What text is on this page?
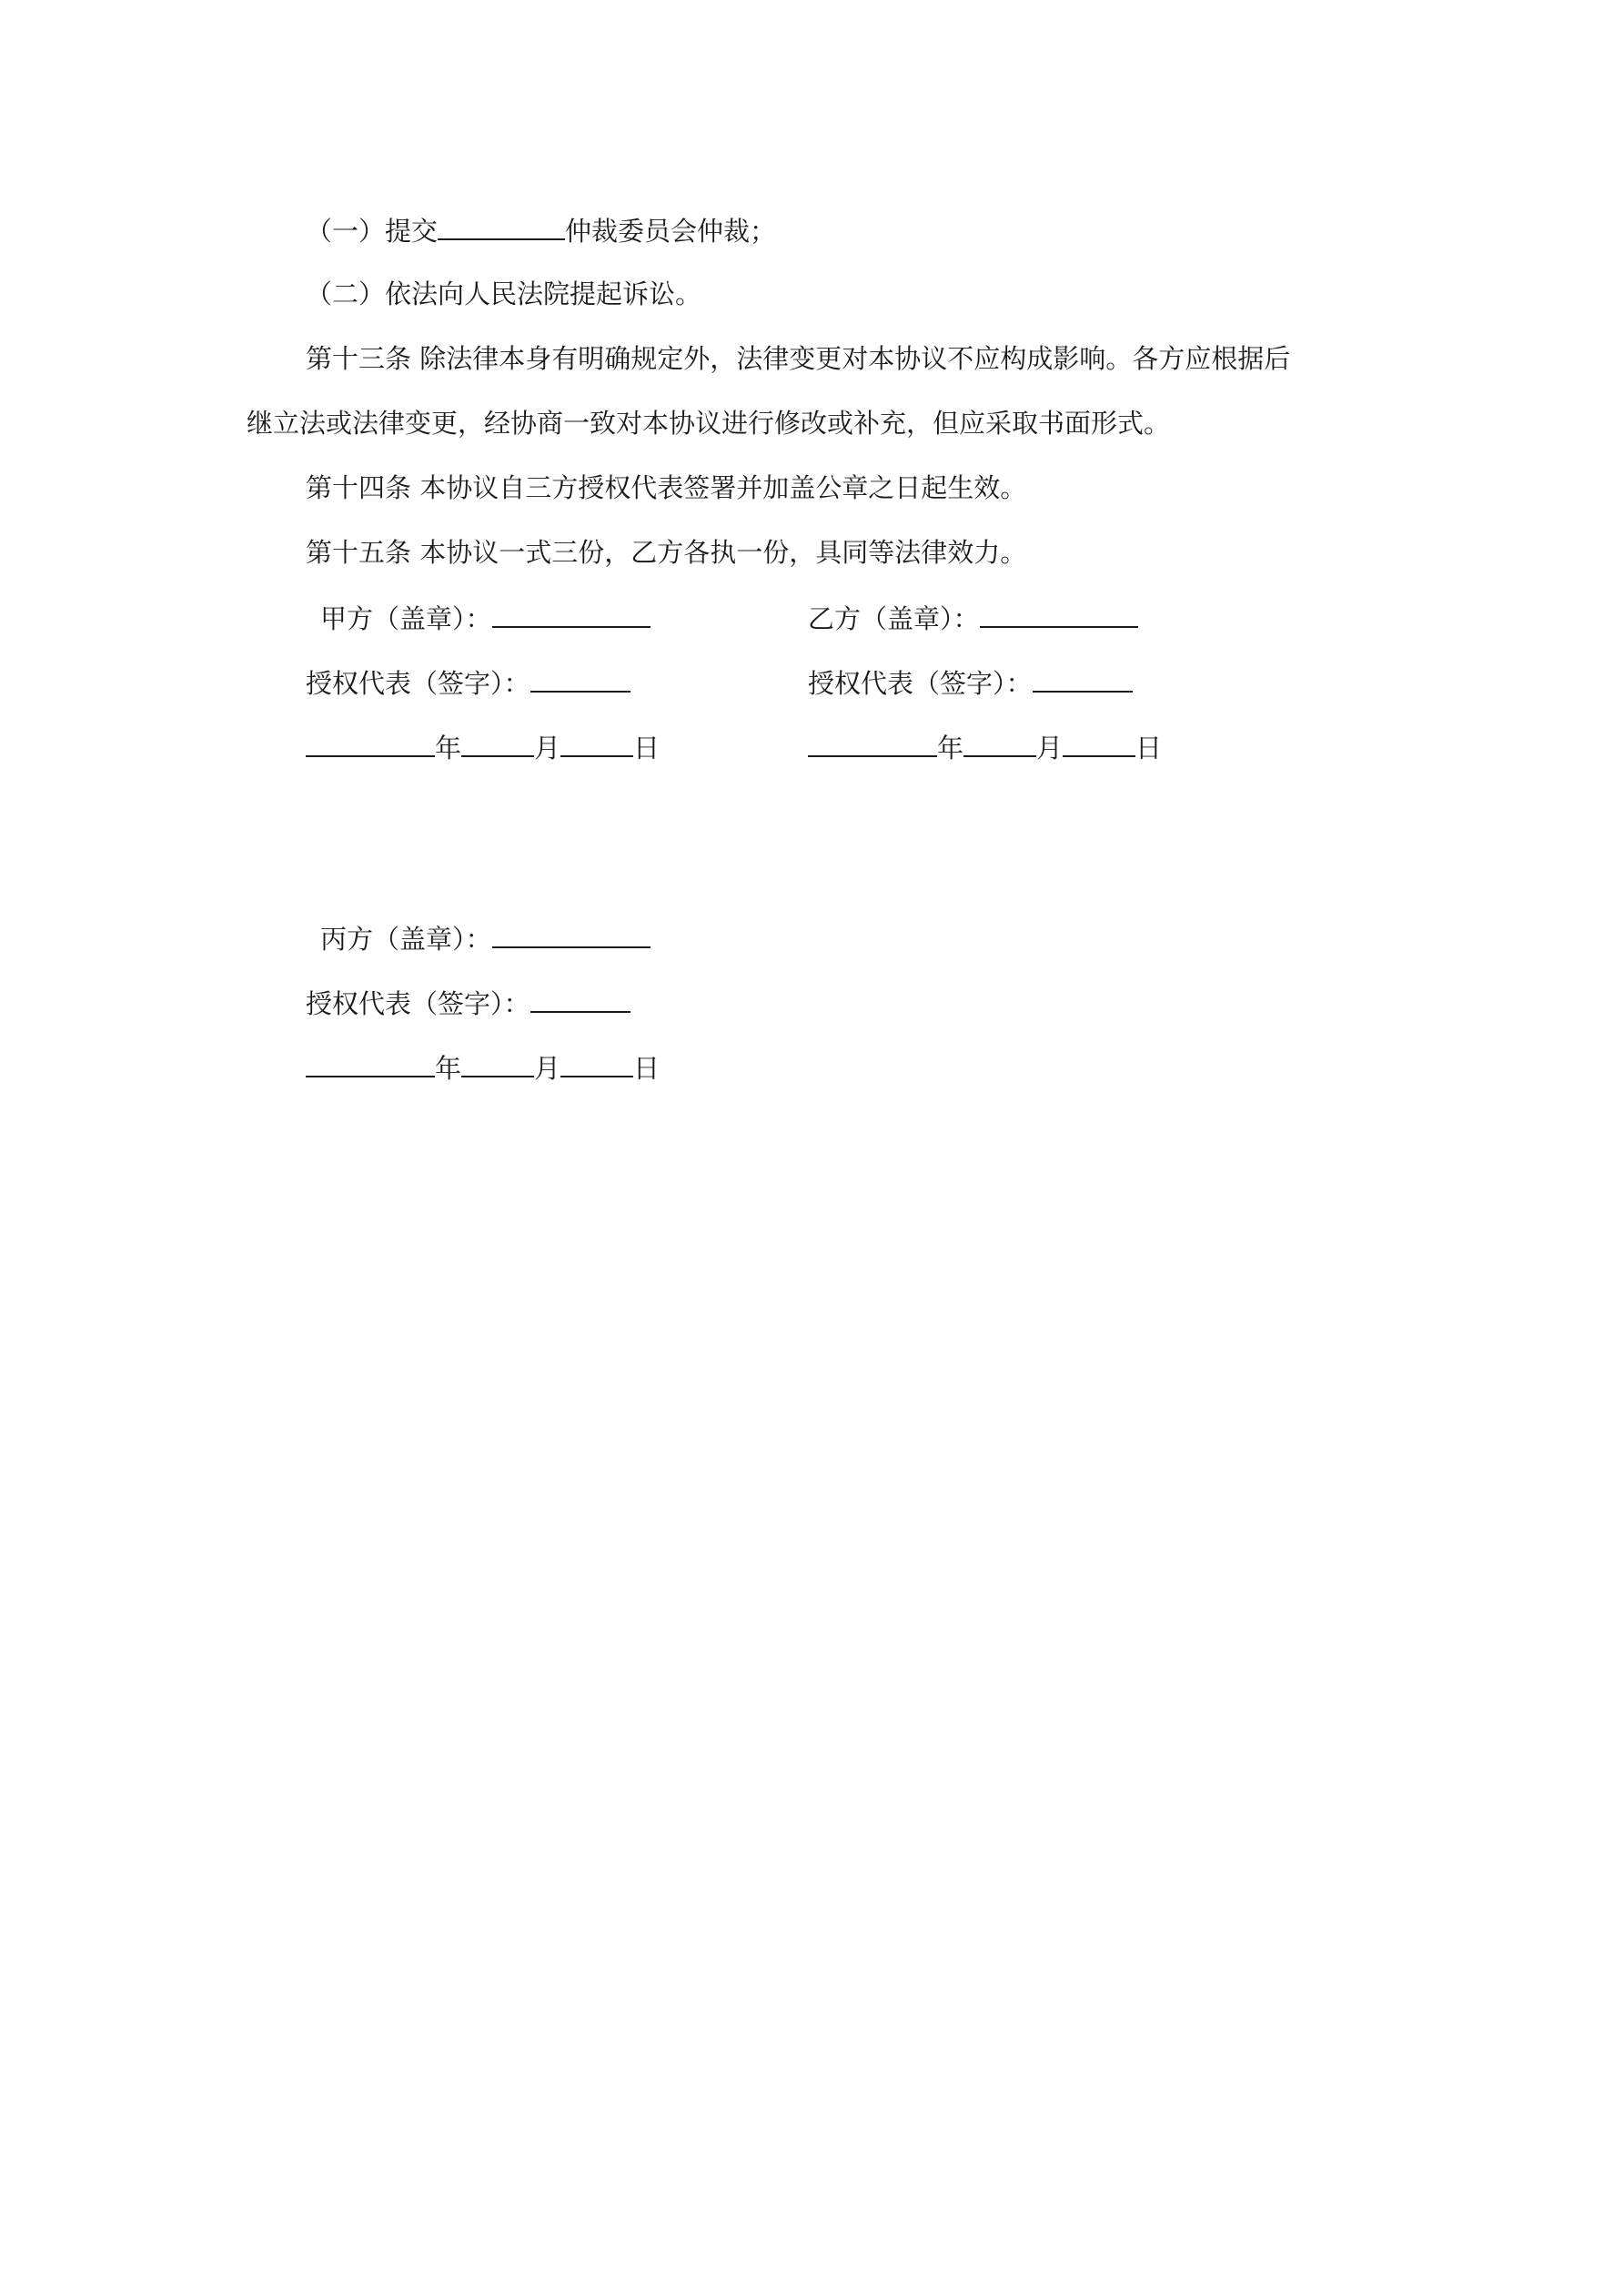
（一）提交	仲裁委员会仲裁；
（二）依法向人民法院提起诉讼。
第十三条 除法律本身有明确规定外，法律变更对本协议不应构成影响。各方应根据后
继立法或法律变更，经协商一致对本协议进行修改或补充，但应采取书面形式。
第十四条 本协议自三方授权代表签署并加盖公章之日起生效。
第十五条 本协议一式三份，乙方各执一份，具同等法律效力。
甲方（盖章）：	乙方（盖章）：
授权代表（签字）：	授权代表（签字）：
年	月	日	年	月	日
丙方（盖章）：
授权代表（签字）：
年	月	日
